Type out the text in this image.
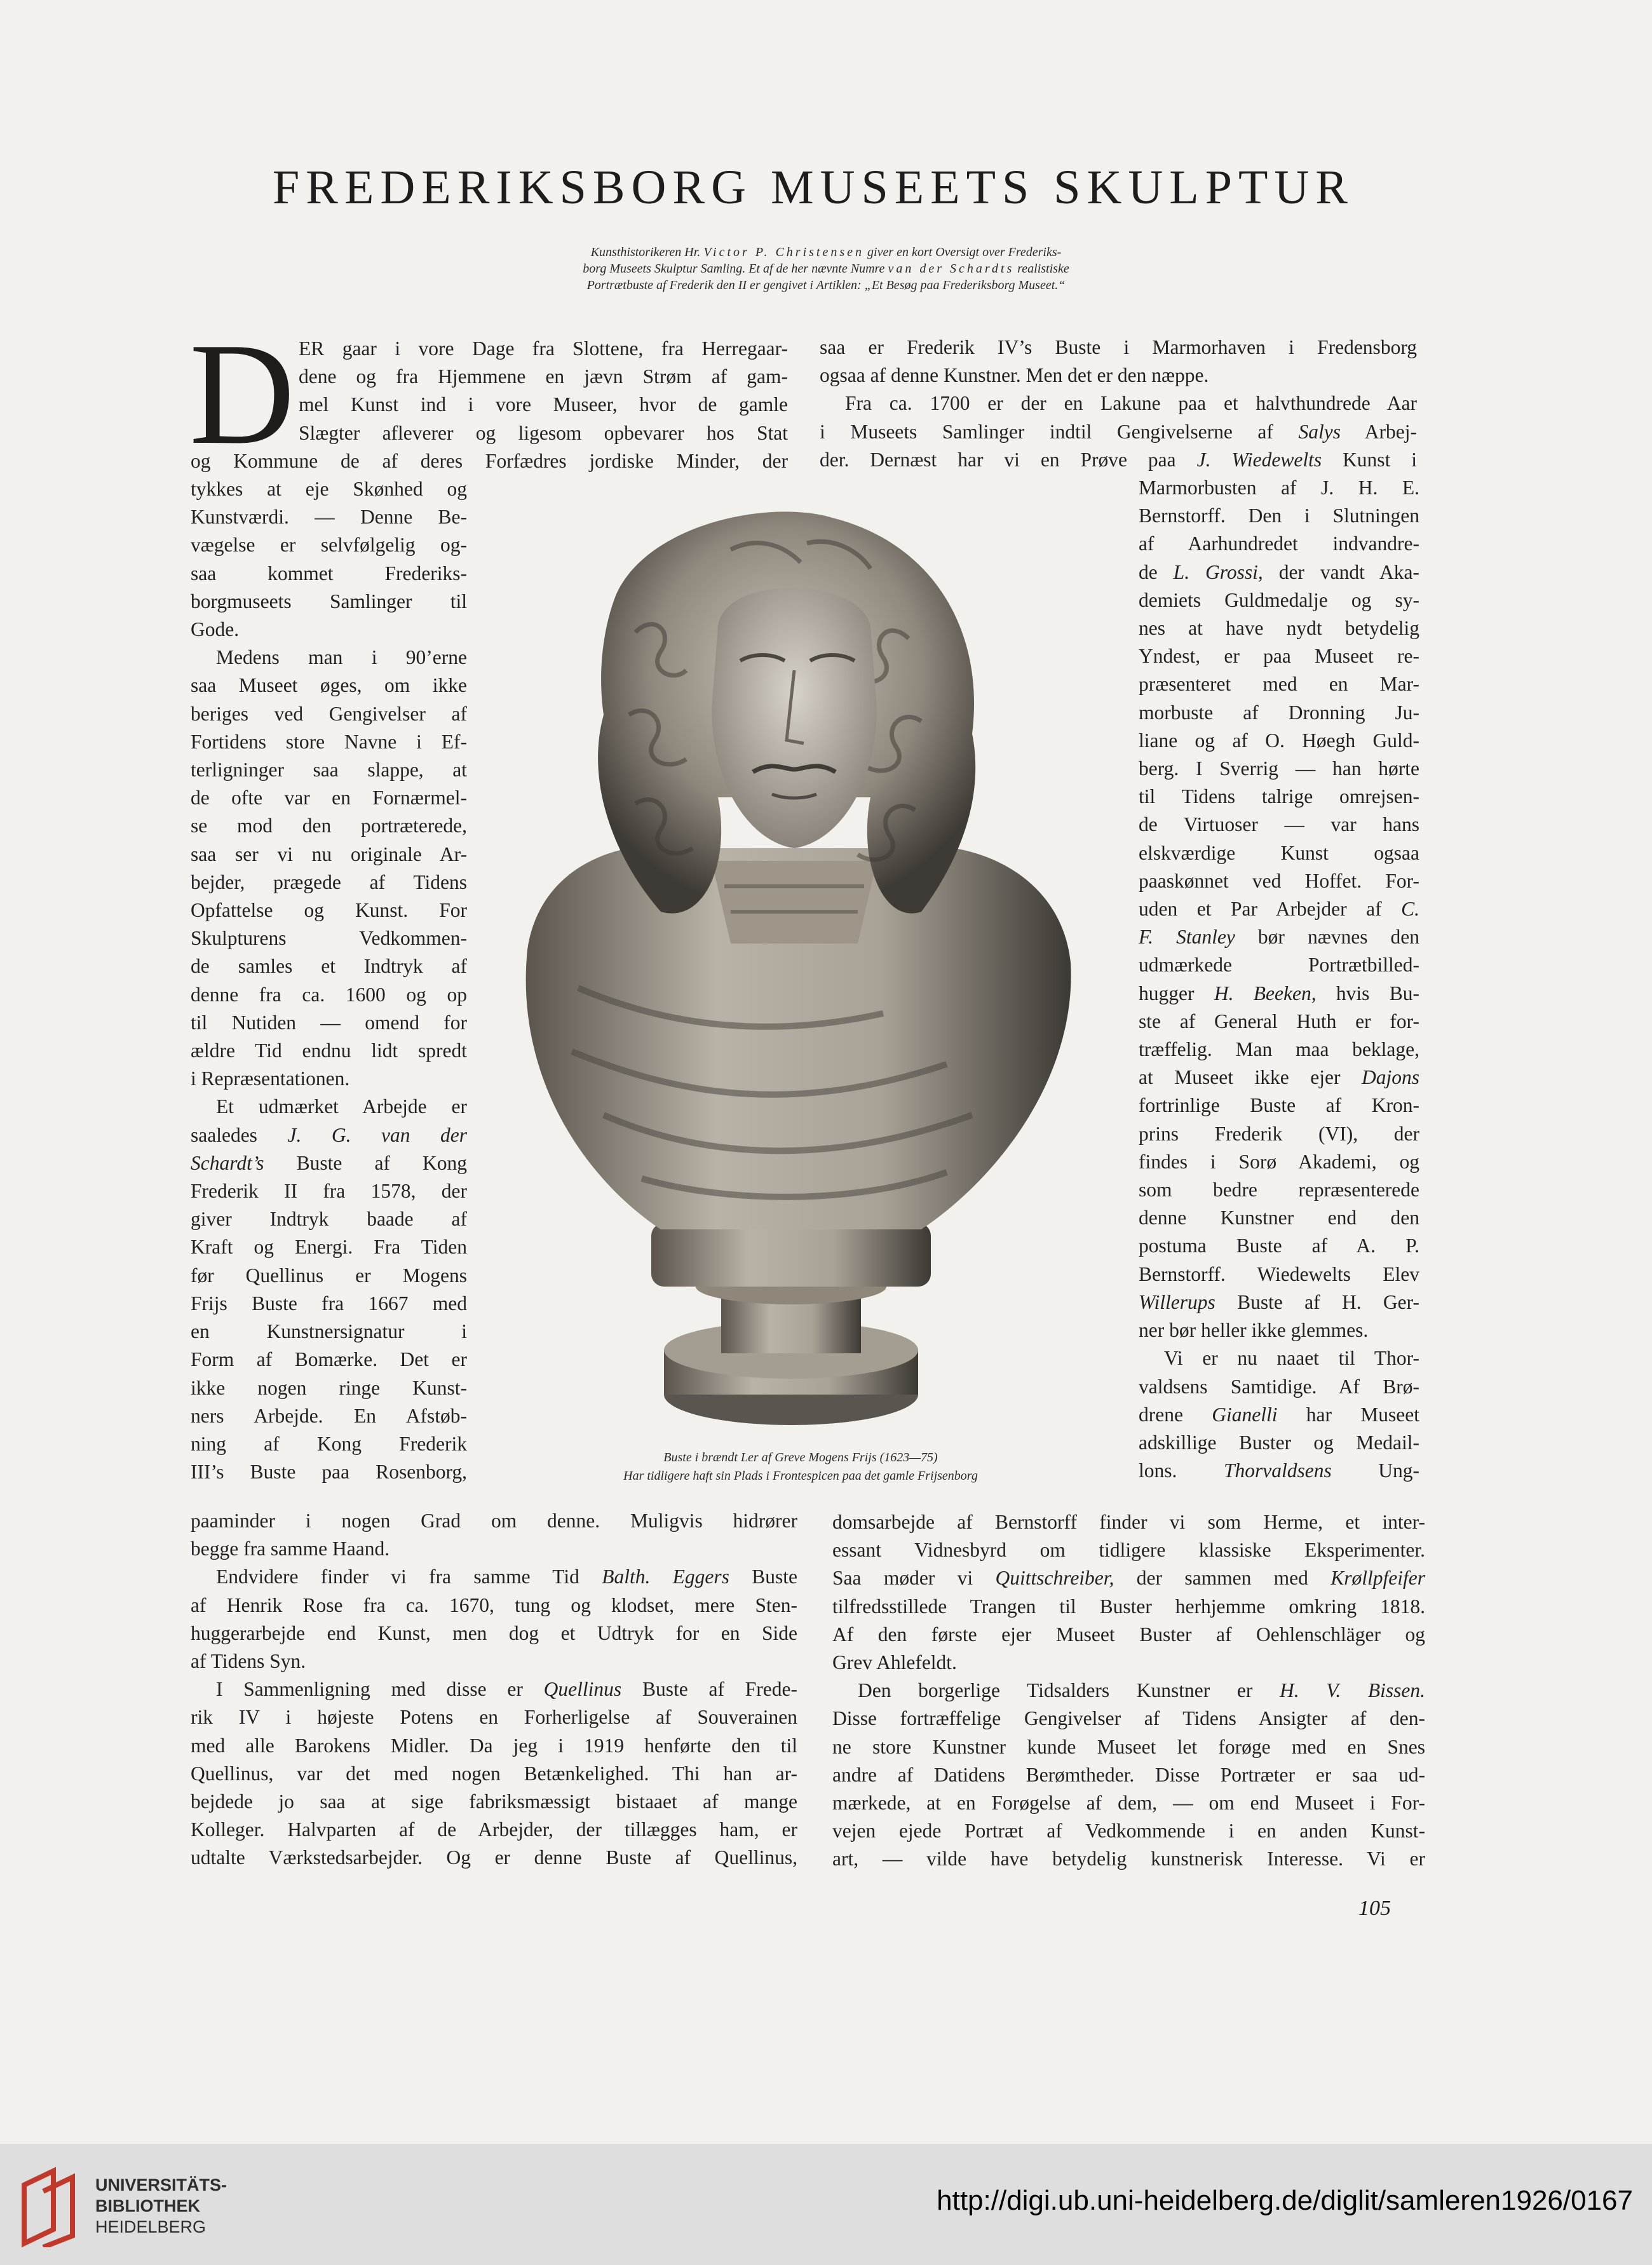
FREDERIKSBORG MUSEETS SKULPTUR

Kunsthistorikeren Hr. Victor P. Christensen giver en kort Oversigt over Frederiks-

borg Museets Skulptur Samling. Et af de her nævnte Numre van der Schardts realistiske

Portrætbuste af Frederik den II er gengivet i Artiklen: „Et Besøg paa Frederiksborg Museet.“

D ER gaar i vore Dage fra Slottene, fra Herregaar-
dene og fra Hjemmene en jævn Strøm af gam-
mel Kunst ind i vore Museer, hvor de gamle
Slægter afleverer og ligesom opbevarer hos Stat
og Kommune de af deres Forfædres jordiske Minder, der
tykkes at eje Skønhed og
Kunstværdi. — Denne Be-
vægelse er selvfølgelig og-
saa kommet Frederiks-
borgmuseets Samlinger til
Gode.
Medens man i 90’erne
saa Museet øges, om ikke
beriges ved Gengivelser af
Fortidens store Navne i Ef-
terligninger saa slappe, at
de ofte var en Fornærmel-
se mod den portræterede,
saa ser vi nu originale Ar-
bejder, prægede af Tidens
Opfattelse og Kunst. For
Skulpturens Vedkommen-
de samles et Indtryk af
denne fra ca. 1600 og op
til Nutiden — omend for
ældre Tid endnu lidt spredt
i Repræsentationen.
Et udmærket Arbejde er
saaledes J. G. van der
Schardt’s Buste af Kong
Frederik II fra 1578, der
giver Indtryk baade af
Kraft og Energi. Fra Tiden
før Quellinus er Mogens
Frijs Buste fra 1667 med
en Kunstnersignatur i
Form af Bomærke. Det er
ikke nogen ringe Kunst-
ners Arbejde. En Afstøb-
ning af Kong Frederik
III’s Buste paa Rosenborg,
paaminder i nogen Grad om denne. Muligvis hidrører
begge fra samme Haand.
Endvidere finder vi fra samme Tid Balth. Eggers Buste
af Henrik Rose fra ca. 1670, tung og klodset, mere Sten-
huggerarbejde end Kunst, men dog et Udtryk for en Side
af Tidens Syn.
I Sammenligning med disse er Quellinus Buste af Frede-
rik IV i højeste Potens en Forherligelse af Souverainen
med alle Barokens Midler. Da jeg i 1919 henførte den til
Quellinus, var det med nogen Betænkelighed. Thi han ar-
bejdede jo saa at sige fabriksmæssigt bistaaet af mange
Kolleger. Halvparten af de Arbejder, der tillægges ham, er
udtalte Værkstedsarbejder. Og er denne Buste af Quellinus,
saa er Frederik IV’s Buste i Marmorhaven i Fredensborg
ogsaa af denne Kunstner. Men det er den næppe.
Fra ca. 1700 er der en Lakune paa et halvthundrede Aar
i Museets Samlinger indtil Gengivelserne af Salys Arbej-
der. Dernæst har vi en Prøve paa J. Wiedewelts Kunst i
Marmorbusten af J. H. E.
Bernstorff. Den i Slutningen
af Aarhundredet indvandre-
de L. Grossi, der vandt Aka-
demiets Guldmedalje og sy-
nes at have nydt betydelig
Yndest, er paa Museet re-
præsenteret med en Mar-
morbuste af Dronning Ju-
liane og af O. Høegh Guld-
berg. I Sverrig — han hørte
til Tidens talrige omrejsen-
de Virtuoser — var hans
elskværdige Kunst ogsaa
paaskønnet ved Hoffet. For-
uden et Par Arbejder af C.
F. Stanley bør nævnes den
udmærkede Portrætbilled-
hugger H. Beeken, hvis Bu-
ste af General Huth er for-
træffelig. Man maa beklage,
at Museet ikke ejer Dajons
fortrinlige Buste af Kron-
prins Frederik (VI), der
findes i Sorø Akademi, og
som bedre repræsenterede
denne Kunstner end den
postuma Buste af A. P.
Bernstorff. Wiedewelts Elev
Willerups Buste af H. Ger-
ner bør heller ikke glemmes.
Vi er nu naaet til Thor-
valdsens Samtidige. Af Brø-
drene Gianelli har Museet
adskillige Buster og Medail-
lons. Thorvaldsens Ung-
domsarbejde af Bernstorff finder vi som Herme, et inter-
essant Vidnesbyrd om tidligere klassiske Eksperimenter.
Saa møder vi Quittschreiber, der sammen med Krøllpfeifer
tilfredsstillede Trangen til Buster herhjemme omkring 1818.
Af den første ejer Museet Buster af Oehlenschläger og
Grev Ahlefeldt.
Den borgerlige Tidsalders Kunstner er H. V. Bissen.
Disse fortræffelige Gengivelser af Tidens Ansigter af den-
ne store Kunstner kunde Museet let forøge med en Snes
andre af Datidens Berømtheder. Disse Portræter er saa ud-
mærkede, at en Forøgelse af dem, — om end Museet i For-
vejen ejede Portræt af Vedkommende i en anden Kunst-
art, — vilde have betydelig kunstnerisk Interesse. Vi er

Buste i brændt Ler af Greve Mogens Frijs (1623—75)

Har tidligere haft sin Plads i Frontespicen paa det gamle Frijsenborg

105

UNIVERSITÄTS-
BIBLIOTHEK
HEIDELBERG

http://digi.ub.uni-heidelberg.de/diglit/samleren1926/0167
